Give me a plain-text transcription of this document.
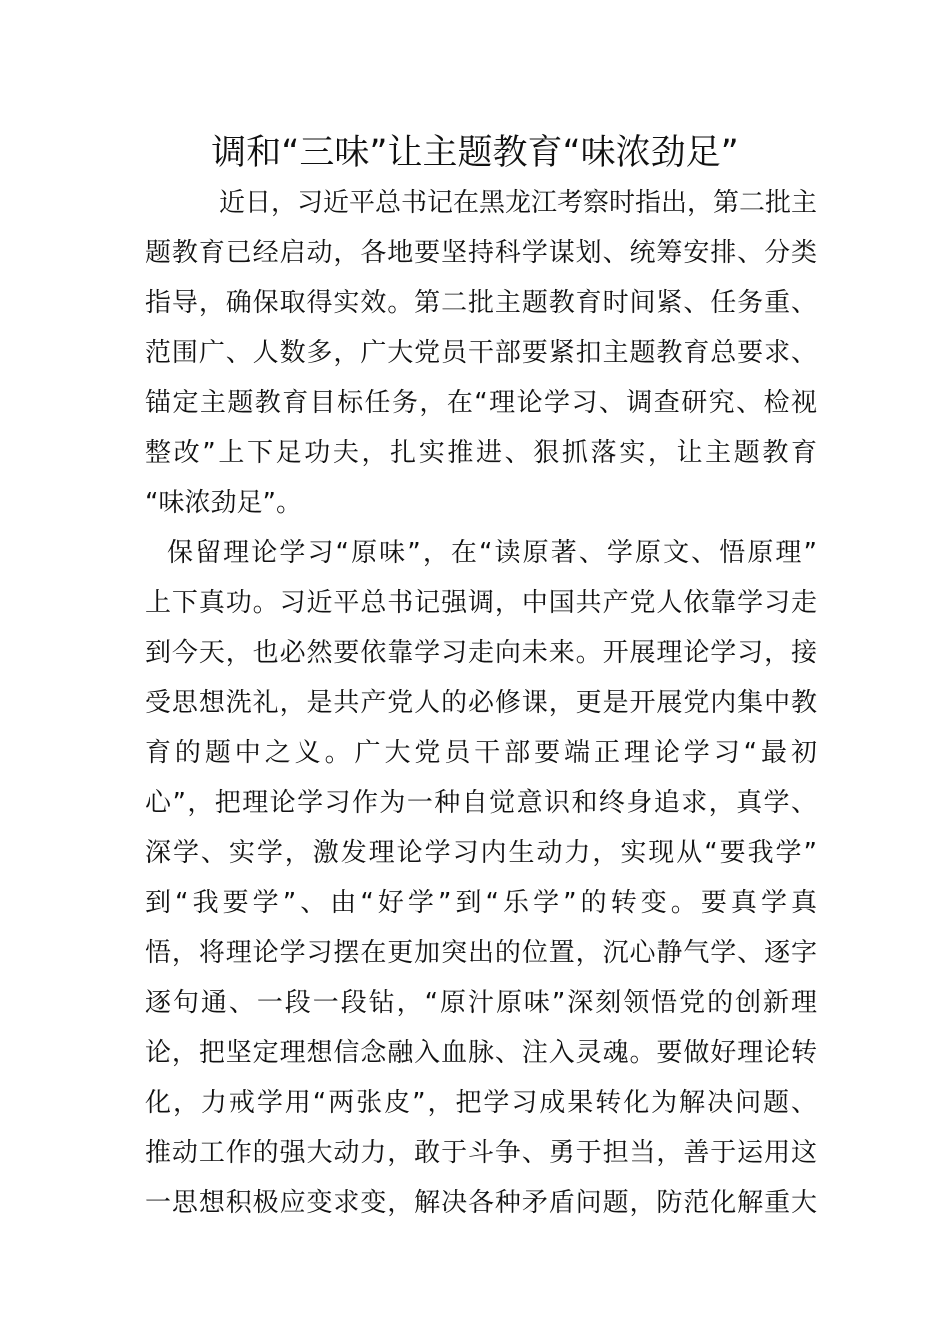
调和“三味”让主题教育“味浓劲足”
近日，习近平总书记在黑龙江考察时指出，第二批主
题教育已经启动，各地要坚持科学谋划、统筹安排、分类
指导，确保取得实效。第二批主题教育时间紧、任务重、
范围广、人数多，广大党员干部要紧扣主题教育总要求、
锚定主题教育目标任务，在“理论学习、调查研究、检视
整改”上下足功夫，扎实推进、狠抓落实，让主题教育
“味浓劲足”。
保留理论学习“原味”，在“读原著、学原文、悟原理”
上下真功。习近平总书记强调，中国共产党人依靠学习走
到今天，也必然要依靠学习走向未来。开展理论学习，接
受思想洗礼，是共产党人的必修课，更是开展党内集中教
育的题中之义。广大党员干部要端正理论学习“最初
心”，把理论学习作为一种自觉意识和终身追求，真学、
深学、实学，激发理论学习内生动力，实现从“要我学”
到“我要学”、由“好学”到“乐学”的转变。要真学真
悟，将理论学习摆在更加突出的位置，沉心静气学、逐字
逐句通、一段一段钻，“原汁原味”深刻领悟党的创新理
论，把坚定理想信念融入血脉、注入灵魂。要做好理论转
化，力戒学用“两张皮”，把学习成果转化为解决问题、
推动工作的强大动力，敢于斗争、勇于担当，善于运用这
一思想积极应变求变，解决各种矛盾问题，防范化解重大
